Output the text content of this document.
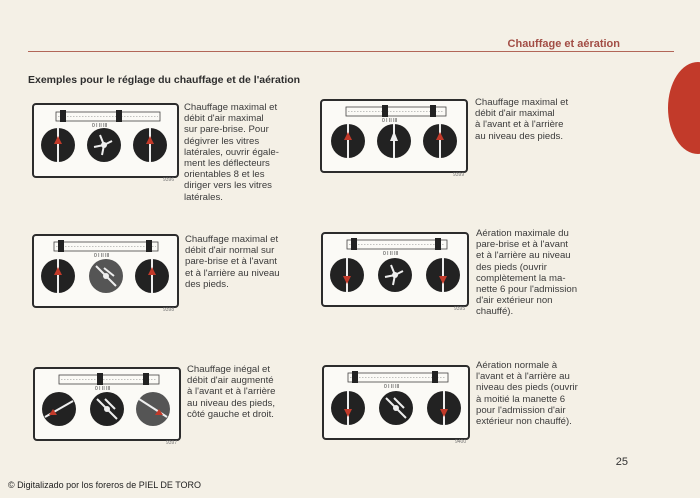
Chauffage et aération
Exemples pour le réglage du chauffage et de l'aération
0 I II III
9396
Chauffage maximal et
débit d'air maximal
sur pare-brise. Pour
dégivrer les vitres
latérales, ouvrir égale-
ment les déflecteurs
orientables 8 et les
diriger vers les vitres
latérales.
0 I II III
9399
Chauffage maximal et
débit d'air maximal
à l'avant et à l'arrière
au niveau des pieds.
0 I II III
9398
Chauffage maximal et
débit d'air normal sur
pare-brise et à l'avant
et à l'arrière au niveau
des pieds.
0 I II III
9395
Aération maximale du
pare-brise et à l'avant
et à l'arrière au niveau
des pieds (ouvrir
complètement la ma-
nette 6 pour l'admission
d'air extérieur non
chauffé).
0 I II III
9397
Chauffage inégal et
débit d'air augmenté
à l'avant et à l'arrière
au niveau des pieds,
côté gauche et droit.
0 I II III
9400
Aération normale à
l'avant et à l'arrière au
niveau des pieds (ouvrir
à moitié la manette 6
pour l'admission d'air
extérieur non chauffé).
25
© Digitalizado por los foreros de PIEL DE TORO
